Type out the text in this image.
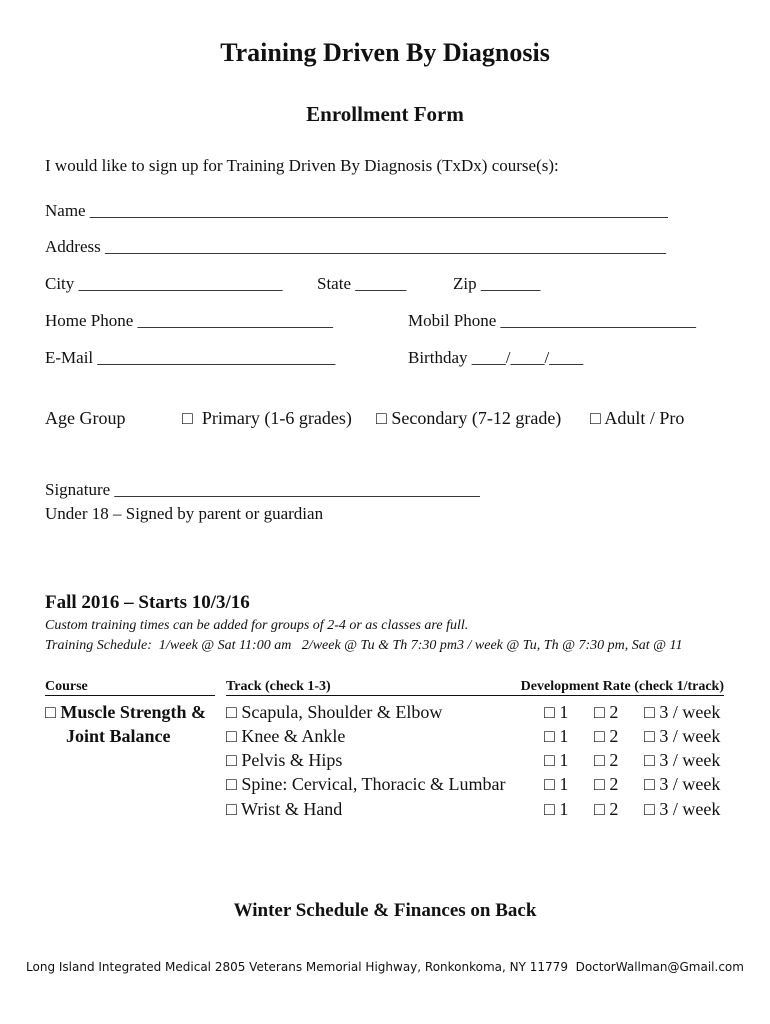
Training Driven By Diagnosis
Enrollment Form
I would like to sign up for Training Driven By Diagnosis (TxDx) course(s):
Name ____________________________________________________________________
Address __________________________________________________________________
City ________________________ State ______	Zip _______
Home Phone _______________________	Mobil Phone _______________________
E-Mail ____________________________	Birthday ____/____/____
Age Group	□  Primary (1-6 grades) □ Secondary (7-12 grade) □ Adult / Pro
Signature ___________________________________________
Under 18 – Signed by parent or guardian
Fall 2016 – Starts 10/3/16
Custom training times can be added for groups of 2-4 or as classes are full.
Training Schedule:  1/week @ Sat 11:00 am   2/week @ Tu & Th 7:30 pm3 / week @ Tu, Th @ 7:30 pm, Sat @ 11
Course	Track (check 1-3)	Development Rate (check 1/track)
□ Muscle Strength &
Joint Balance
□ Scapula, Shoulder & Elbow	□ 1 □ 2 □ 3 / week
□ Knee & Ankle	□ 1 □ 2 □ 3 / week
□ Pelvis & Hips	□ 1 □ 2 □ 3 / week
□ Spine: Cervical, Thoracic & Lumbar □ 1 □ 2 □ 3 / week
□ Wrist & Hand	□ 1 □ 2 □ 3 / week
Winter Schedule & Finances on Back
Long Island Integrated Medical 2805 Veterans Memorial Highway, Ronkonkoma, NY 11779  DoctorWallman@Gmail.com
